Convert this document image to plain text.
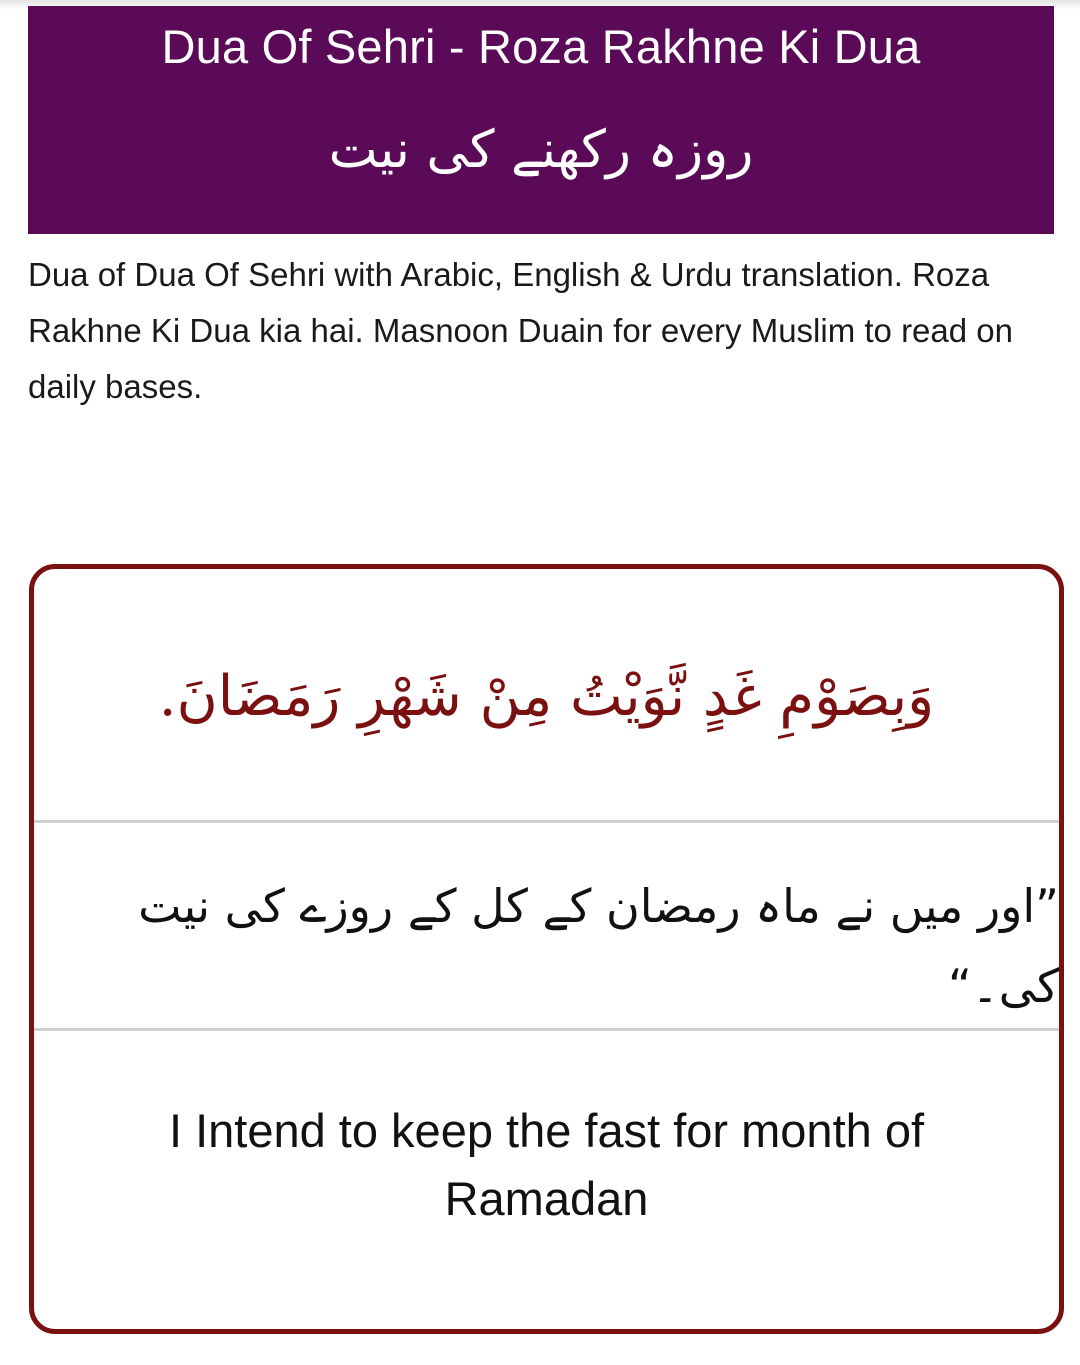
Dua Of Sehri - Roza Rakhne Ki Dua
روزہ رکھنے کی نیت
Dua of Dua Of Sehri with Arabic, English & Urdu translation. Roza Rakhne Ki Dua kia hai. Masnoon Duain for every Muslim to read on daily bases.
وَبِصَوْمِ غَدٍ نَّوَيْتُ مِنْ شَهْرِ رَمَضَانَ.
”اور میں نے ماہ رمضان کے کل کے روزے کی نیت کی۔“
I Intend to keep the fast for month of Ramadan
